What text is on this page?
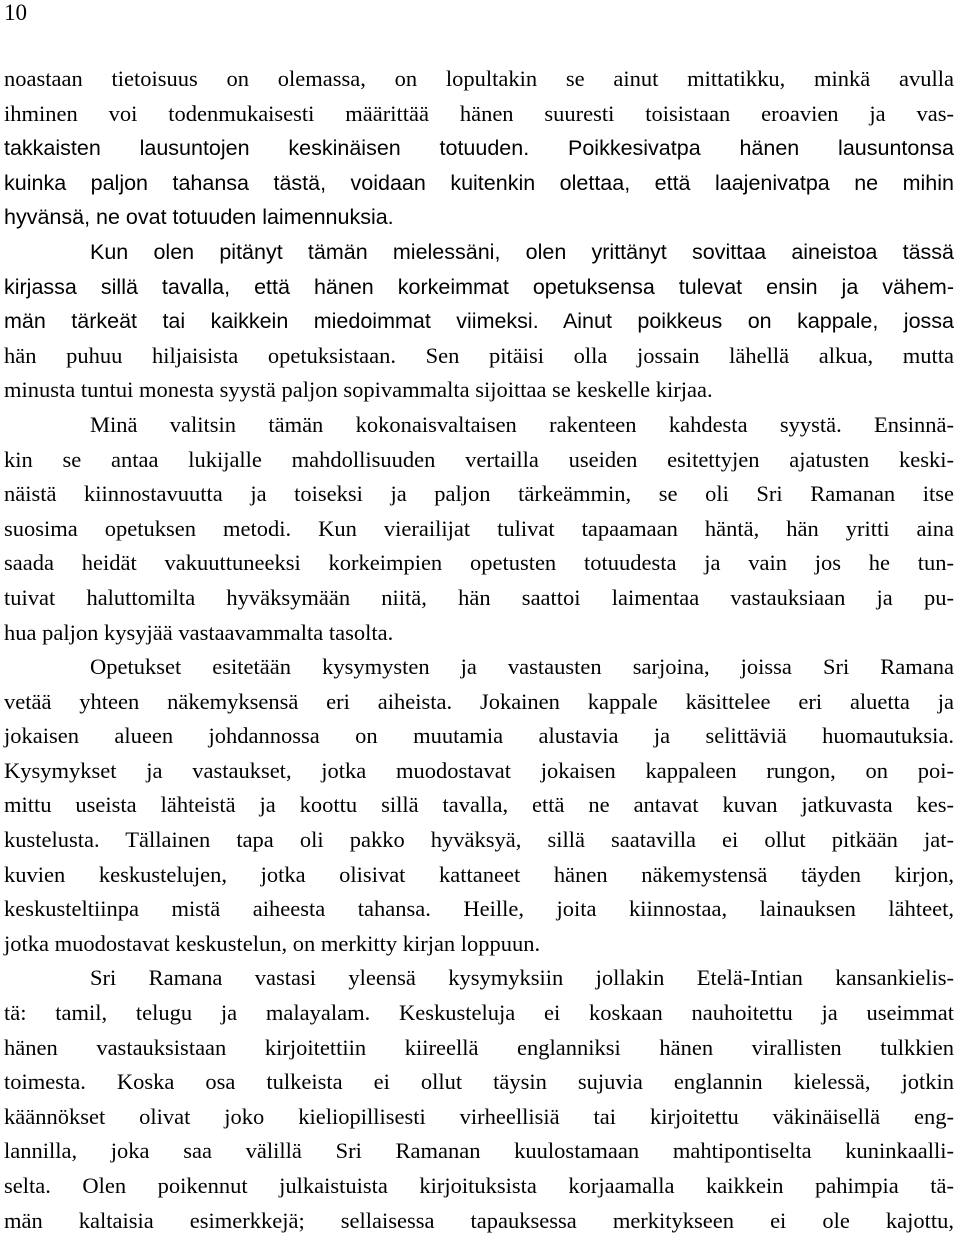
10
noastaan tietoisuus on olemassa, on lopultakin se ainut mittatikku, minkä avulla
ihminen voi todenmukaisesti määrittää hänen suuresti toisistaan eroavien ja vas-
takkaisten lausuntojen keskinäisen totuuden. Poikkesivatpa hänen lausuntonsa
kuinka paljon tahansa tästä, voidaan kuitenkin olettaa, että laajenivatpa ne mihin
hyvänsä, ne ovat totuuden laimennuksia.
Kun olen pitänyt tämän mielessäni, olen yrittänyt sovittaa aineistoa tässä
kirjassa sillä tavalla, että hänen korkeimmat opetuksensa tulevat ensin ja vähem-
män tärkeät tai kaikkein miedoimmat viimeksi. Ainut poikkeus on kappale, jossa
hän puhuu hiljaisista opetuksistaan. Sen pitäisi olla jossain lähellä alkua, mutta
minusta tuntui monesta syystä paljon sopivammalta sijoittaa se keskelle kirjaa.
Minä valitsin tämän kokonaisvaltaisen rakenteen kahdesta syystä. Ensinnä-
kin se antaa lukijalle mahdollisuuden vertailla useiden esitettyjen ajatusten keski-
näistä kiinnostavuutta ja toiseksi ja paljon tärkeämmin, se oli Sri Ramanan itse
suosima opetuksen metodi. Kun vierailijat tulivat tapaamaan häntä, hän yritti aina
saada heidät vakuuttuneeksi korkeimpien opetusten totuudesta ja vain jos he tun-
tuivat haluttomilta hyväksymään niitä, hän saattoi laimentaa vastauksiaan ja pu-
hua paljon kysyjää vastaavammalta tasolta.
Opetukset esitetään kysymysten ja vastausten sarjoina, joissa Sri Ramana
vetää yhteen näkemyksensä eri aiheista. Jokainen kappale käsittelee eri aluetta ja
jokaisen alueen johdannossa on muutamia alustavia ja selittäviä huomautuksia.
Kysymykset ja vastaukset, jotka muodostavat jokaisen kappaleen rungon, on poi-
mittu useista lähteistä ja koottu sillä tavalla, että ne antavat kuvan jatkuvasta kes-
kustelusta. Tällainen tapa oli pakko hyväksyä, sillä saatavilla ei ollut pitkään jat-
kuvien keskustelujen, jotka olisivat kattaneet hänen näkemystensä täyden kirjon,
keskusteltiinpa mistä aiheesta tahansa. Heille, joita kiinnostaa, lainauksen lähteet,
jotka muodostavat keskustelun, on merkitty kirjan loppuun.
Sri Ramana vastasi yleensä kysymyksiin jollakin Etelä-Intian kansankielis-
tä: tamil, telugu ja malayalam. Keskusteluja ei koskaan nauhoitettu ja useimmat
hänen vastauksistaan kirjoitettiin kiireellä englanniksi hänen virallisten tulkkien
toimesta. Koska osa tulkeista ei ollut täysin sujuvia englannin kielessä, jotkin
käännökset olivat joko kieliopillisesti virheellisiä tai kirjoitettu väkinäisellä eng-
lannilla, joka saa välillä Sri Ramanan kuulostamaan mahtipontiselta kuninkaalli-
selta. Olen poikennut julkaistuista kirjoituksista korjaamalla kaikkein pahimpia tä-
män kaltaisia esimerkkejä; sellaisessa tapauksessa merkitykseen ei ole kajottu,
